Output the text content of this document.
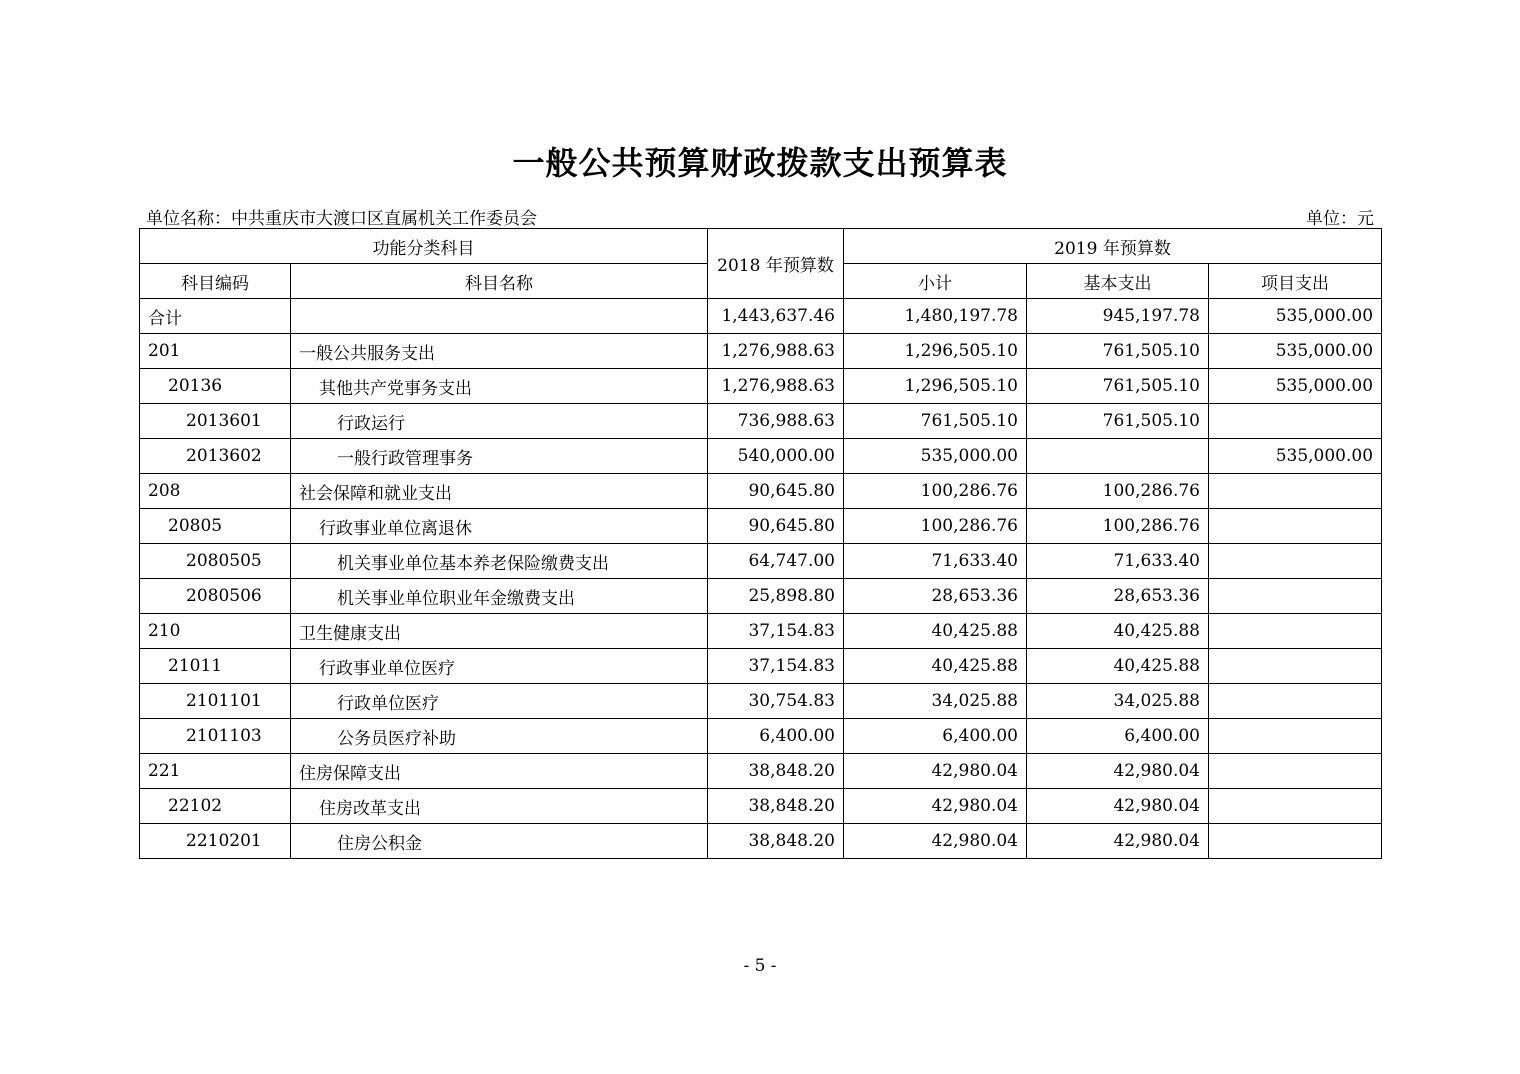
一般公共预算财政拨款支出预算表
单位名称：中共重庆市大渡口区直属机关工作委员会	单位：元
功能分类科目		2018 年预算数	2019 年预算数		
科目编码	科目名称		小计	基本支出	项目支出
合计		1,443,637.46	1,480,197.78	945,197.78	535,000.00
201	一般公共服务支出	1,276,988.63	1,296,505.10	761,505.10	535,000.00
20136	其他共产党事务支出	1,276,988.63	1,296,505.10	761,505.10	535,000.00
2013601	行政运行	736,988.63	761,505.10	761,505.10	
2013602	一般行政管理事务	540,000.00	535,000.00		535,000.00
208	社会保障和就业支出	90,645.80	100,286.76	100,286.76	
20805	行政事业单位离退休	90,645.80	100,286.76	100,286.76	
2080505	机关事业单位基本养老保险缴费支出	64,747.00	71,633.40	71,633.40	
2080506	机关事业单位职业年金缴费支出	25,898.80	28,653.36	28,653.36	
210	卫生健康支出	37,154.83	40,425.88	40,425.88	
21011	行政事业单位医疗	37,154.83	40,425.88	40,425.88	
2101101	行政单位医疗	30,754.83	34,025.88	34,025.88	
2101103	公务员医疗补助	6,400.00	6,400.00	6,400.00	
221	住房保障支出	38,848.20	42,980.04	42,980.04	
22102	住房改革支出	38,848.20	42,980.04	42,980.04	
2210201	住房公积金	38,848.20	42,980.04	42,980.04	
- 5 -
